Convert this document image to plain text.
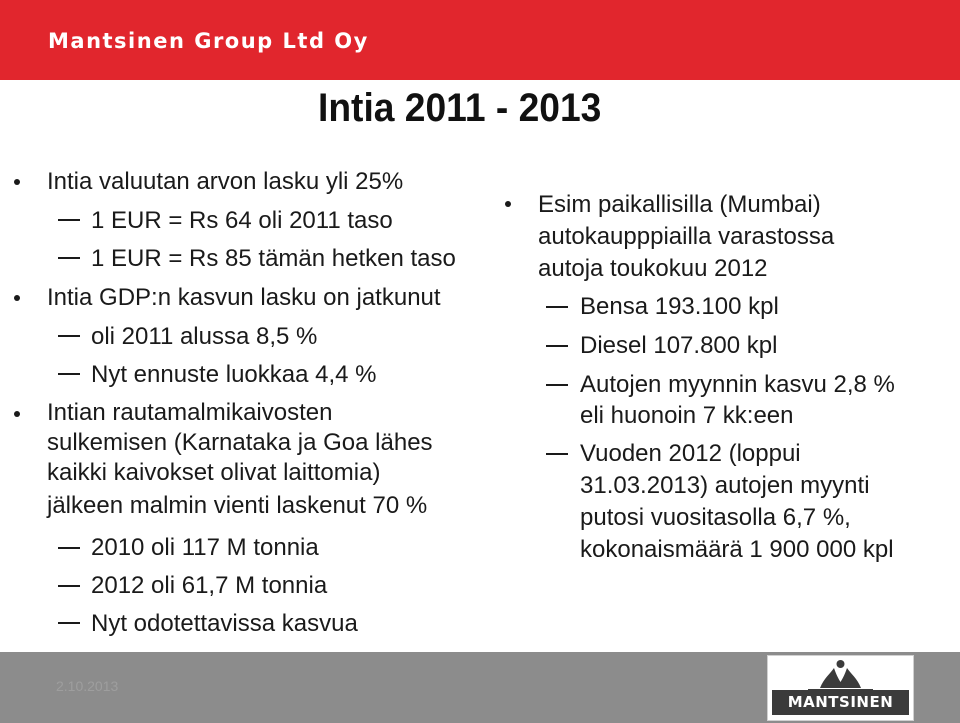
Mantsinen Group Ltd Oy
Intia 2011 - 2013
Intia valuutan arvon lasku yli 25%
1 EUR = Rs 64 oli 2011 taso
1 EUR = Rs 85 tämän hetken taso
Intia GDP:n kasvun lasku on jatkunut
oli 2011 alussa 8,5 %
Nyt ennuste luokkaa 4,4 %
Intian rautamalmikaivosten
sulkemisen (Karnataka ja Goa lähes
kaikki kaivokset olivat laittomia)
jälkeen malmin vienti laskenut 70 %
2010 oli 117 M tonnia
2012 oli 61,7 M tonnia
Nyt odotettavissa kasvua
Esim paikallisilla (Mumbai)
autokaupppiailla varastossa
autoja toukokuu 2012
Bensa 193.100 kpl
Diesel 107.800 kpl
Autojen myynnin kasvu 2,8 %
eli huonoin 7 kk:een
Vuoden 2012 (loppui
31.03.2013) autojen myynti
putosi vuositasolla 6,7 %,
kokonaismäärä 1 900 000 kpl
2.10.2013
MANTSINEN
